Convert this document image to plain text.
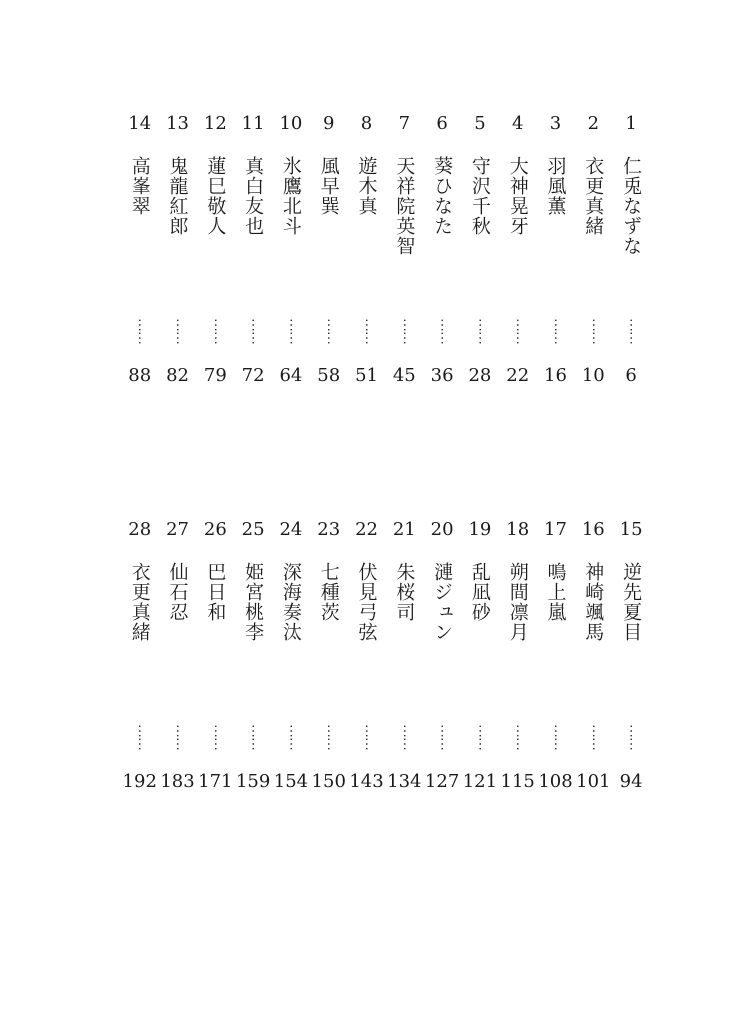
1
仁兎なずな
⋯⋯
6
2
衣更真緒
⋯⋯
10
3
羽風薫
⋯⋯
16
4
大神晃牙
⋯⋯
22
5
守沢千秋
⋯⋯
28
6
葵ひなた
⋯⋯
36
7
天祥院英智
⋯⋯
45
8
遊木真
⋯⋯
51
9
風早巽
⋯⋯
58
10
氷鷹北斗
⋯⋯
64
11
真白友也
⋯⋯
72
12
蓮巳敬人
⋯⋯
79
13
鬼龍紅郎
⋯⋯
82
14
高峯翠
⋯⋯
88
15
逆先夏目
⋯⋯
94
16
神崎颯馬
⋯⋯
101
17
鳴上嵐
⋯⋯
108
18
朔間凛月
⋯⋯
115
19
乱凪砂
⋯⋯
121
20
漣ジュン
⋯⋯
127
21
朱桜司
⋯⋯
134
22
伏見弓弦
⋯⋯
143
23
七種茨
⋯⋯
150
24
深海奏汰
⋯⋯
154
25
姫宮桃李
⋯⋯
159
26
巴日和
⋯⋯
171
27
仙石忍
⋯⋯
183
28
衣更真緒
⋯⋯
192
